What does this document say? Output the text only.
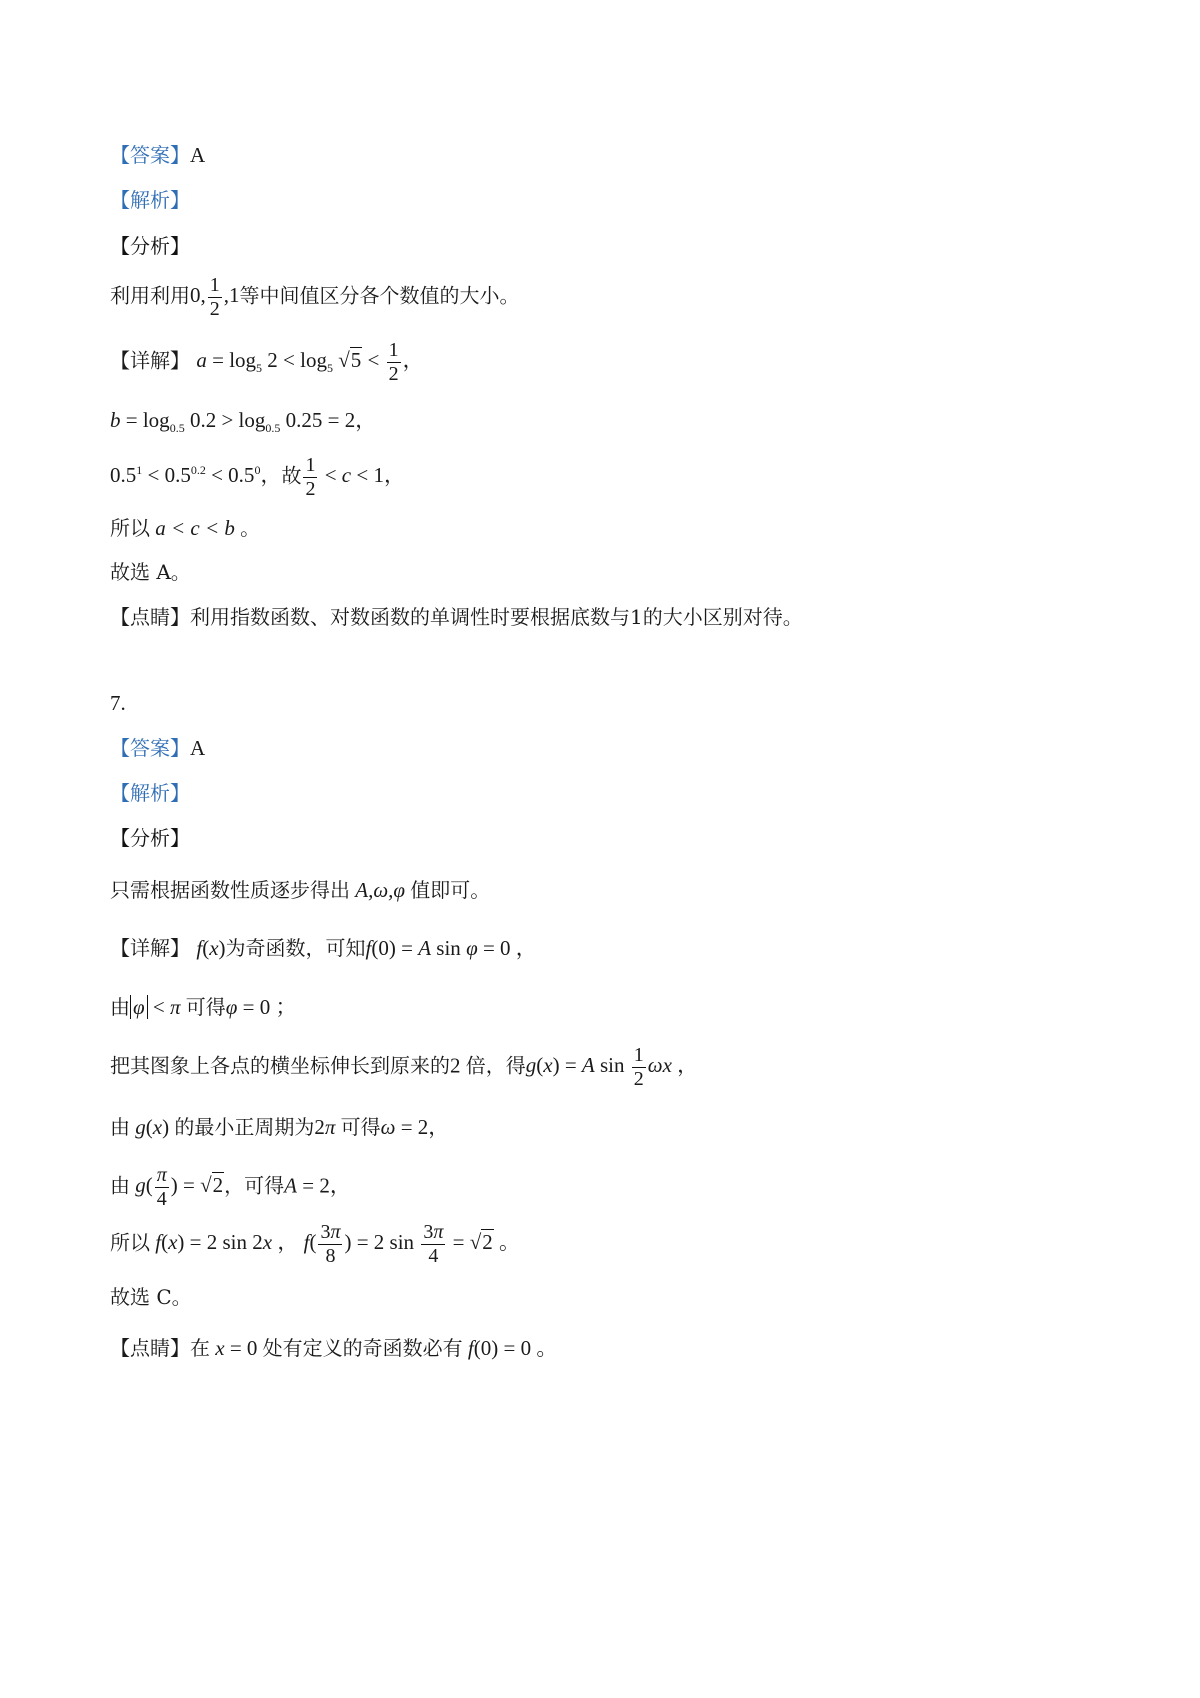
【答案】A
【解析】
【分析】
利用利用0, $\frac{1}{2} ,1$等中间值区分各个数值的大小。
【详解】 $a = \log_5 2 < \log_5 √5 < \frac{1}{2}$ ，
$b = \log_{0.5} 0.2 > \log_{0.5} 0.25 = 2$，
$0.5^1 < 0.5^{0.2} < 0.5^0$，故 $\frac{1}{2} < c < 1$，
所以 a < c < b 。
故选 A。
【点睛】利用指数函数、对数函数的单调性时要根据底数与1的大小区别对待。
7.
【答案】A
【解析】
【分析】
只需根据函数性质逐步得出 A,ω,φ 值即可。
【详解】 f(x)为奇函数，可知f(0) = A sin φ = 0 ，
由 φ < π 可得φ = 0 ；
把其图象上各点的横坐标伸长到原来的2 倍，得g(x) = A $\sin \frac{1}{2}$ ωx ，
由 g(x) 的最小正周期为2π 可得ω = 2，
由 $g( \frac{\pi}{4}$ ) = √2，可得A = 2，
所以 f(x) = 2 sin 2x ， $f( \frac{3\pi}{8}$ ) = 2 $\sin \frac{3\pi}{4} = √2$ 。
故选 C。
【点睛】在 x = 0 处有定义的奇函数必有 f(0) = 0 。
